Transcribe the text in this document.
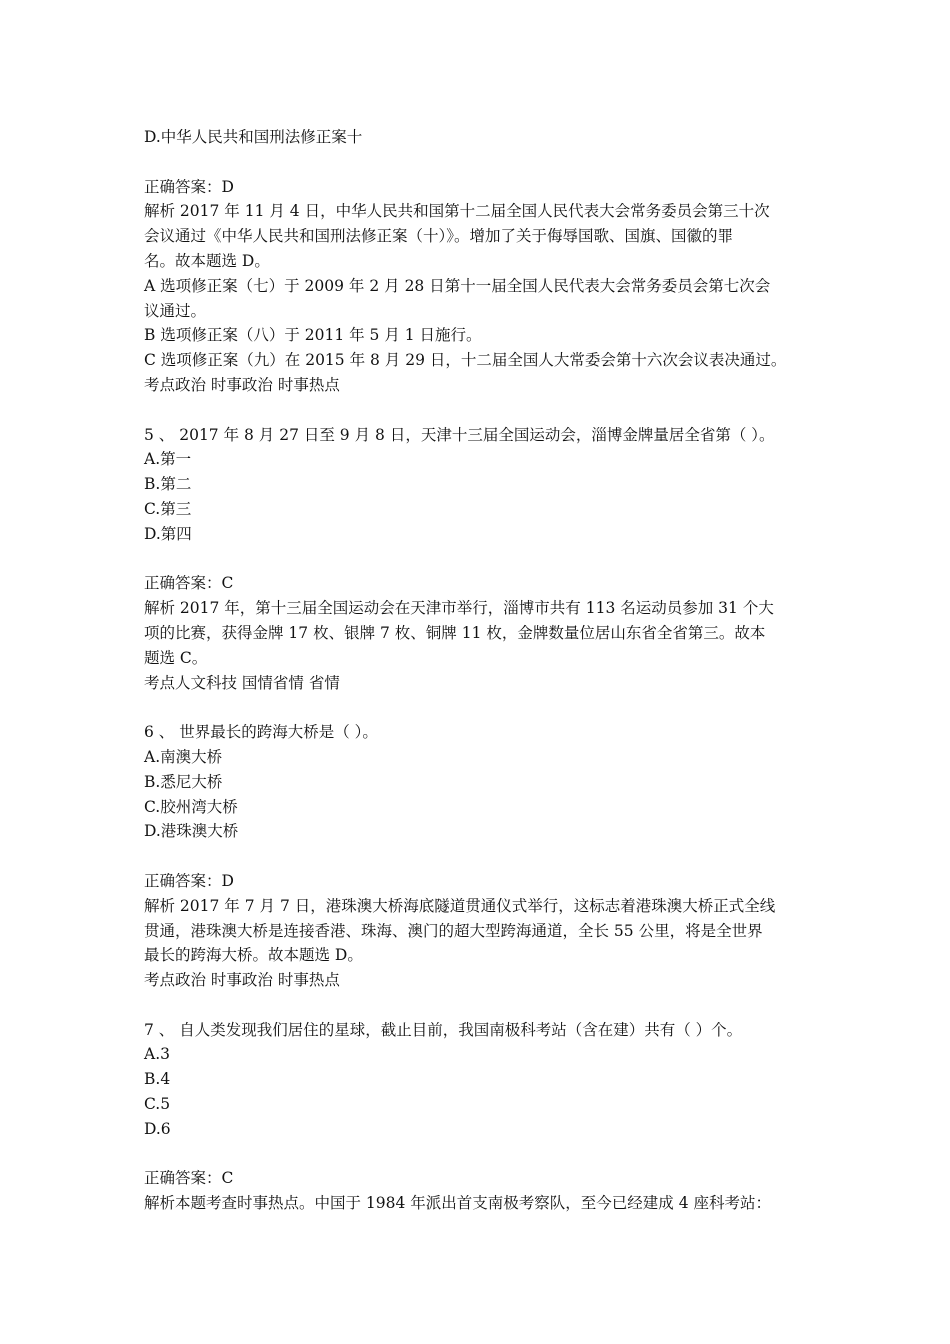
D.中华人民共和国刑法修正案十

正确答案：D

解析 2017 年 11 月 4 日，中华人民共和国第十二届全国人民代表大会常务委员会第三十次

会议通过《中华人民共和国刑法修正案（十）》。增加了关于侮辱国歌、国旗、国徽的罪

名。故本题选 D。

A 选项修正案（七）于 2009 年 2 月 28 日第十一届全国人民代表大会常务委员会第七次会

议通过。

B 选项修正案（八）于 2011 年 5 月 1 日施行。

C 选项修正案（九）在 2015 年 8 月 29 日，十二届全国人大常委会第十六次会议表决通过。

考点政治 时事政治 时事热点

5 、 2017 年 8 月 27 日至 9 月 8 日，天津十三届全国运动会，淄博金牌量居全省第（ ）。

A.第一

B.第二

C.第三

D.第四

正确答案：C

解析 2017 年，第十三届全国运动会在天津市举行，淄博市共有 113 名运动员参加 31 个大

项的比赛，获得金牌 17 枚、银牌 7 枚、铜牌 11 枚，金牌数量位居山东省全省第三。故本

题选 C。

考点人文科技 国情省情 省情

6 、 世界最长的跨海大桥是（ ）。

A.南澳大桥

B.悉尼大桥

C.胶州湾大桥

D.港珠澳大桥

正确答案：D

解析 2017 年 7 月 7 日，港珠澳大桥海底隧道贯通仪式举行，这标志着港珠澳大桥正式全线

贯通，港珠澳大桥是连接香港、珠海、澳门的超大型跨海通道，全长 55 公里，将是全世界

最长的跨海大桥。故本题选 D。

考点政治 时事政治 时事热点

7 、 自人类发现我们居住的星球，截止目前，我国南极科考站（含在建）共有（ ）个。

A.3

B.4

C.5

D.6

正确答案：C

解析本题考查时事热点。中国于 1984 年派出首支南极考察队，至今已经建成 4 座科考站：
